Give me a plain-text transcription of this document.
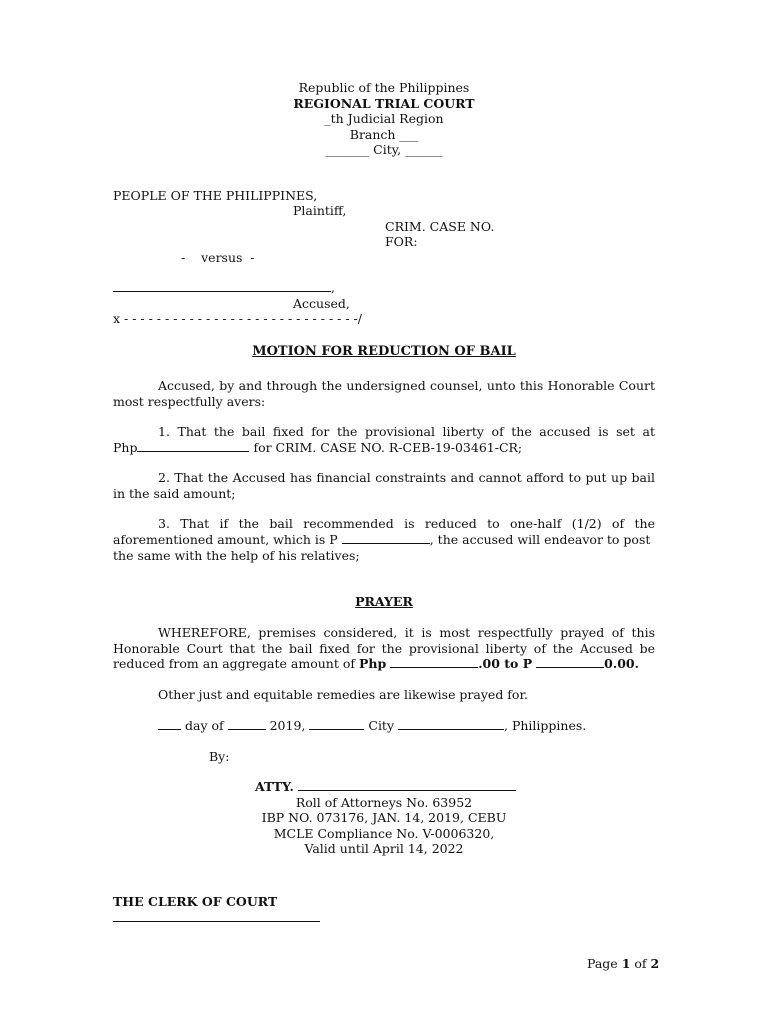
Republic of the Philippines
REGIONAL TRIAL COURT
_th Judicial Region
Branch ___
_______ City, ______
PEOPLE OF THE PHILIPPINES,
Plaintiff,
CRIM. CASE NO.
FOR:
-    versus  -
,
Accused,
x - - - - - - - - - - - - - - - - - - - - - - - - - - - - -/
MOTION FOR REDUCTION OF BAIL
Accused, by and through the undersigned counsel, unto this Honorable Court most respectfully avers:
1. That the bail fixed for the provisional liberty of the accused is set at
Php	for CRIM. CASE NO. R-CEB-19-03461-CR;
2. That the Accused has financial constraints and cannot afford to put up bail in the said amount;
3. That if the bail recommended is reduced to one-half (1/2) of the
aforementioned amount, which is P	, the accused will endeavor to post
the same with the help of his relatives;
PRAYER
WHEREFORE, premises considered, it is most respectfully prayed of this
Honorable Court that the bail fixed for the provisional liberty of the Accused be
reduced from an aggregate amount of Php	.00 to P	0.00.
Other just and equitable remedies are likewise prayed for.
day of	2019,	City	, Philippines.
By:
ATTY.
Roll of Attorneys No. 63952
IBP NO. 073176, JAN. 14, 2019, CEBU
MCLE Compliance No. V-0006320,
Valid until April 14, 2022
THE CLERK OF COURT
Page 1 of 2
